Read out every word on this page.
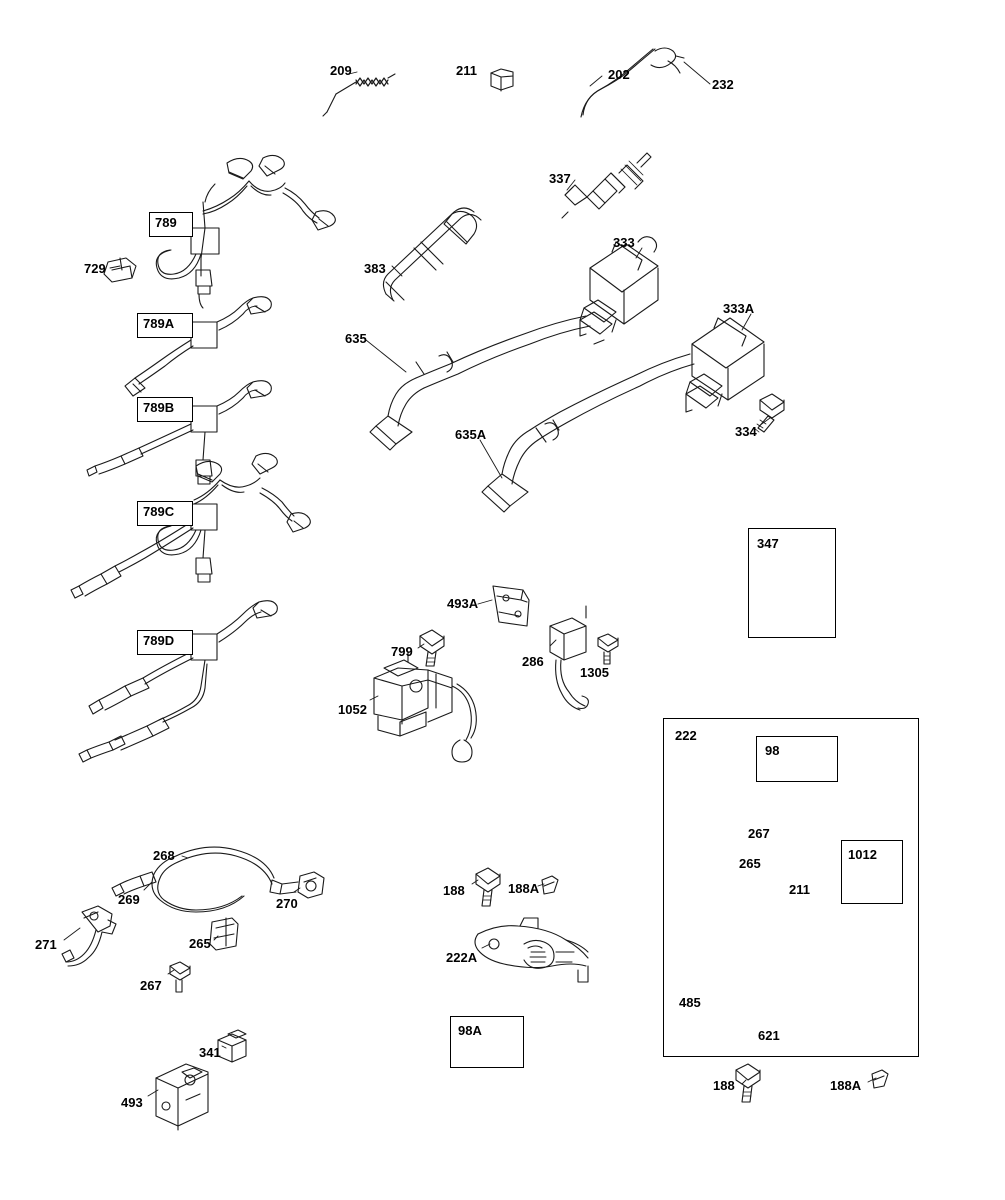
209	211	202
232
337
789
729	383
333
333A
789A
635
789B
334
635A
789C
347
493A
789D
799
286
1305
1052
222
98
267
265
1012
268
211
188	188A
269	270
271	265
222A
267
485
621
98A
341
188	188A
493
